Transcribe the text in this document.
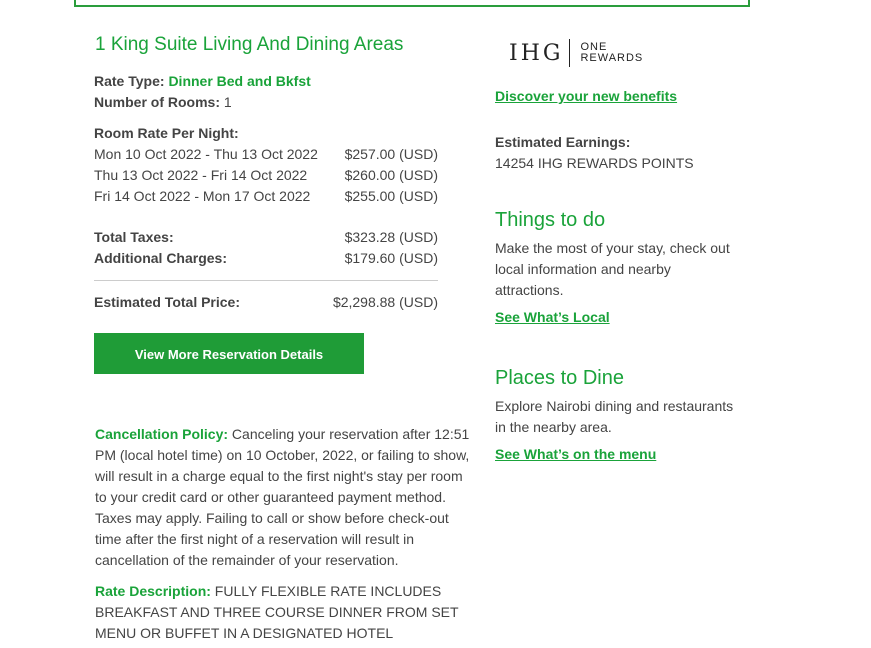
1 King Suite Living And Dining Areas
Rate Type: Dinner Bed and Bkfst
Number of Rooms: 1
Room Rate Per Night:
Mon 10 Oct 2022 - Thu 13 Oct 2022 $257.00 (USD)
Thu 13 Oct 2022 - Fri 14 Oct 2022	$260.00 (USD)
Fri 14 Oct 2022 - Mon 17 Oct 2022 $255.00 (USD)
Total Taxes:	$323.28 (USD)
Additional Charges:	$179.60 (USD)
Estimated Total Price:	$2,298.88 (USD)
View More Reservation Details
Cancellation Policy: Canceling your reservation after 12:51 PM (local hotel time) on 10 October, 2022, or failing to show, will result in a charge equal to the first night's stay per room to your credit card or other guaranteed payment method. Taxes may apply. Failing to call or show before check-out time after the first night of a reservation will result in cancellation of the remainder of your reservation.
Rate Description: FULLY FLEXIBLE RATE INCLUDES BREAKFAST AND THREE COURSE DINNER FROM SET MENU OR BUFFET IN A DESIGNATED HOTEL
IHG ONE
REWARDS
Discover your new benefits
Estimated Earnings:
14254 IHG REWARDS POINTS
Things to do
Make the most of your stay, check out local information and nearby attractions.
See What’s Local
Places to Dine
Explore Nairobi dining and restaurants in the nearby area.
See What’s on the menu
